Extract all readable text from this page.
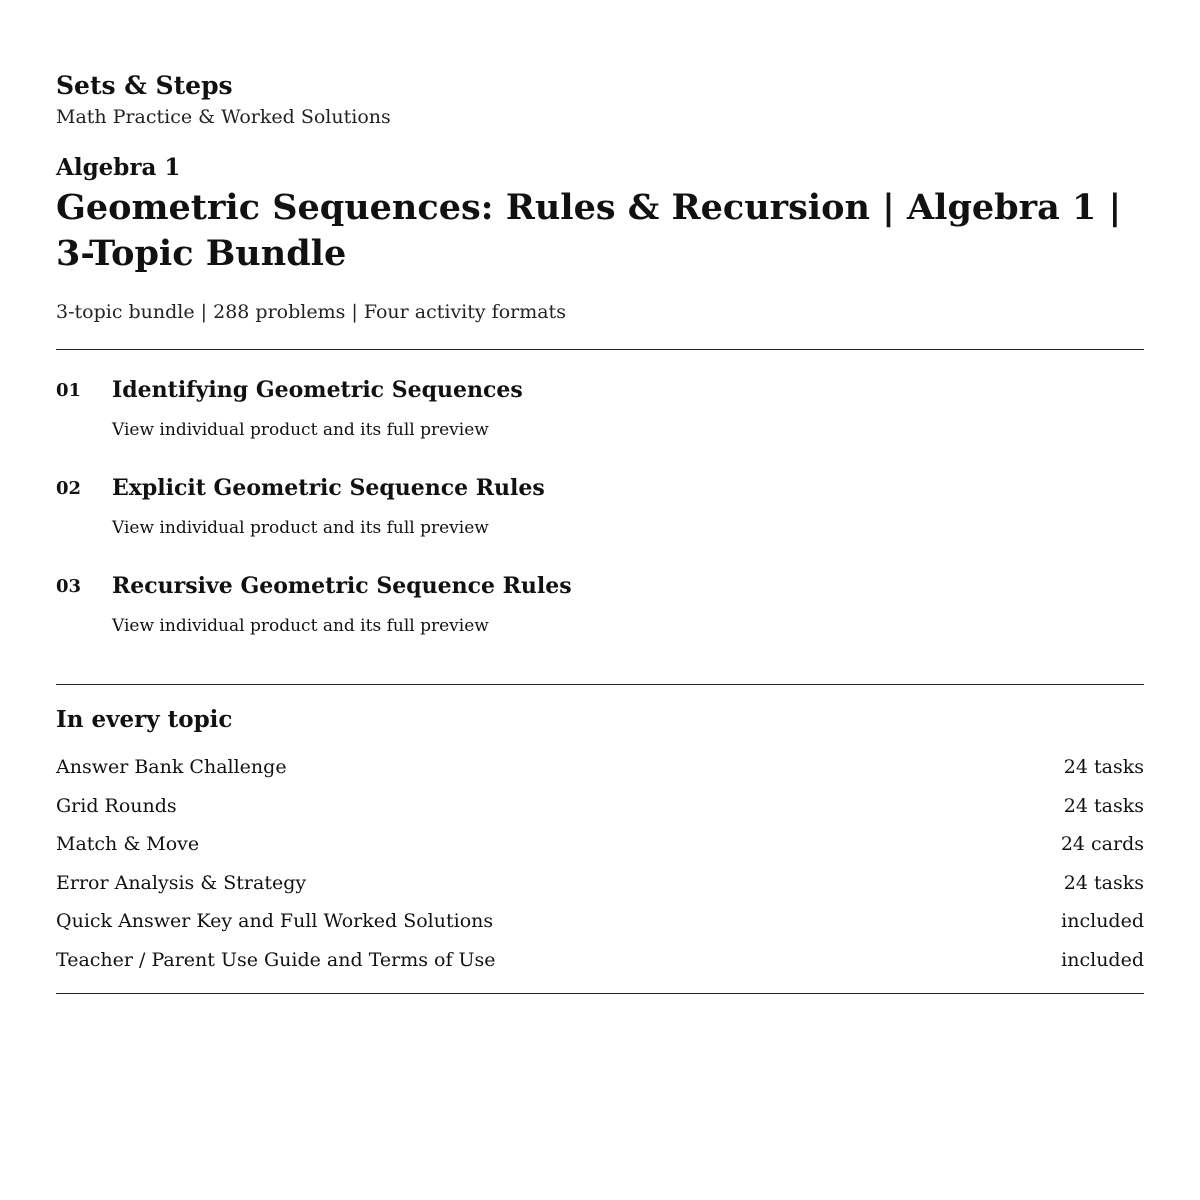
Sets & Steps
Math Practice & Worked Solutions
Algebra 1
Geometric Sequences: Rules & Recursion | Algebra 1 | 3-Topic Bundle
3-topic bundle | 288 problems | Four activity formats
01 Identifying Geometric Sequences
View individual product and its full preview
02 Explicit Geometric Sequence Rules
View individual product and its full preview
03 Recursive Geometric Sequence Rules
View individual product and its full preview
In every topic
Answer Bank Challenge	24 tasks
Grid Rounds	24 tasks
Match & Move	24 cards
Error Analysis & Strategy	24 tasks
Quick Answer Key and Full Worked Solutions	included
Teacher / Parent Use Guide and Terms of Use	included
